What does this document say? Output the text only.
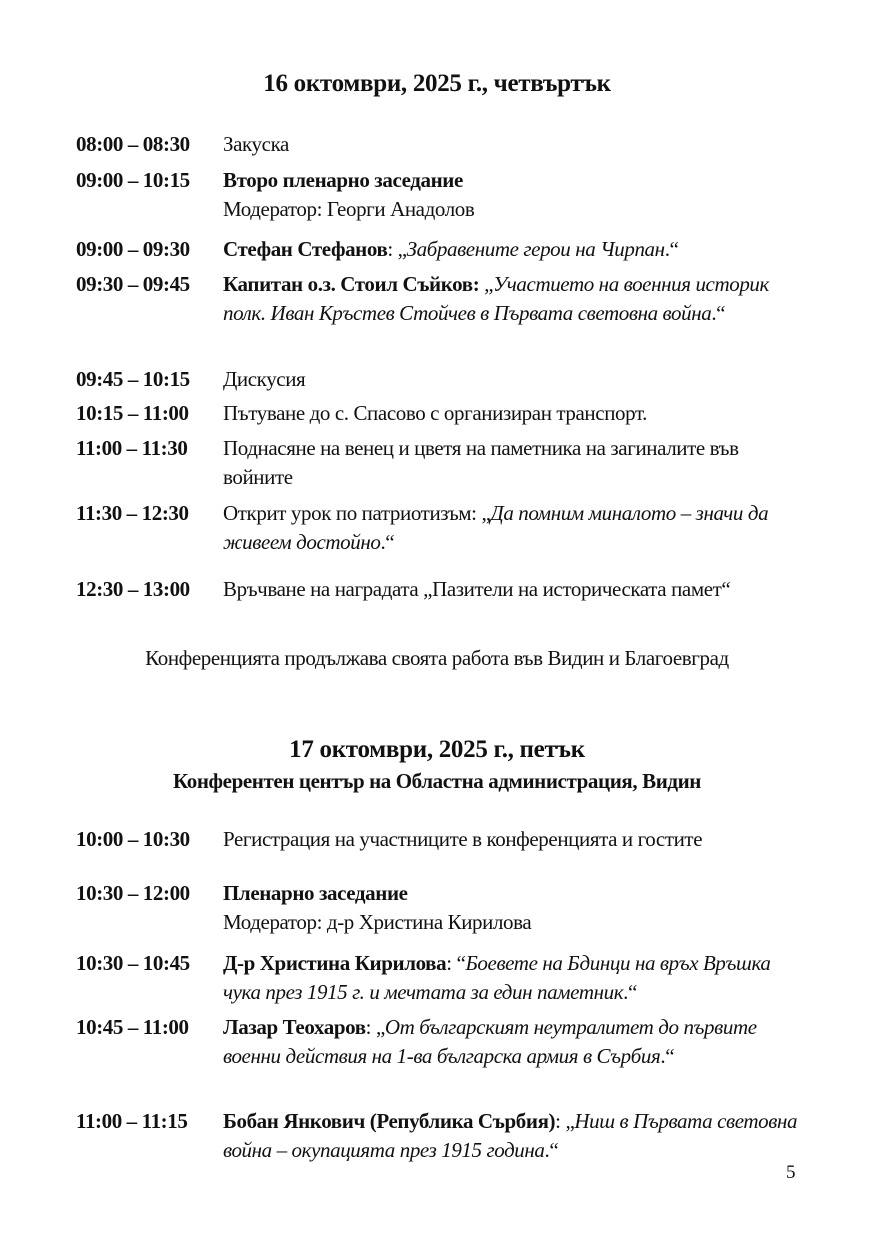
16 октомври, 2025 г., четвъртък
08:00 – 08:30	Закуска
09:00 – 10:15	Второ пленарно заседание
Модератор: Георги Анадолов
09:00 – 09:30	Стефан Стефанов: „Забравените герои на Чирпан.“
09:30 – 09:45	Капитан о.з. Стоил Съйков: „Участието на военния историк полк. Иван Кръстев Стойчев в Първата световна война.“
09:45 – 10:15	Дискусия
10:15 – 11:00	Пътуване до с. Спасово с организиран транспорт.
11:00 – 11:30	Поднасяне на венец и цветя на паметника на загиналите във войните
11:30 – 12:30	Открит урок по патриотизъм: „Да помним миналото – значи да живеем достойно.“
12:30 – 13:00	Връчване на наградата „Пазители на историческата памет“
Конференцията продължава своята работа във Видин и Благоевград
17 октомври, 2025 г., петък
Конферентен център на Областна администрация, Видин
10:00 – 10:30	Регистрация на участниците в конференцията и гостите
10:30 – 12:00	Пленарно заседание
Модератор: д-р Христина Кирилова
10:30 – 10:45	Д-р Христина Кирилова: “Боевете на Бдинци на връх Връшка чука през 1915 г. и мечтата за един паметник.“
10:45 – 11:00	Лазар Теохаров: „От българският неутралитет до първите военни действия на 1-ва българска армия в Сърбия.“
11:00 – 11:15	Бобан Янкович (Република Сърбия): „Ниш в Първата световна война – окупацията през 1915 година.“
5
